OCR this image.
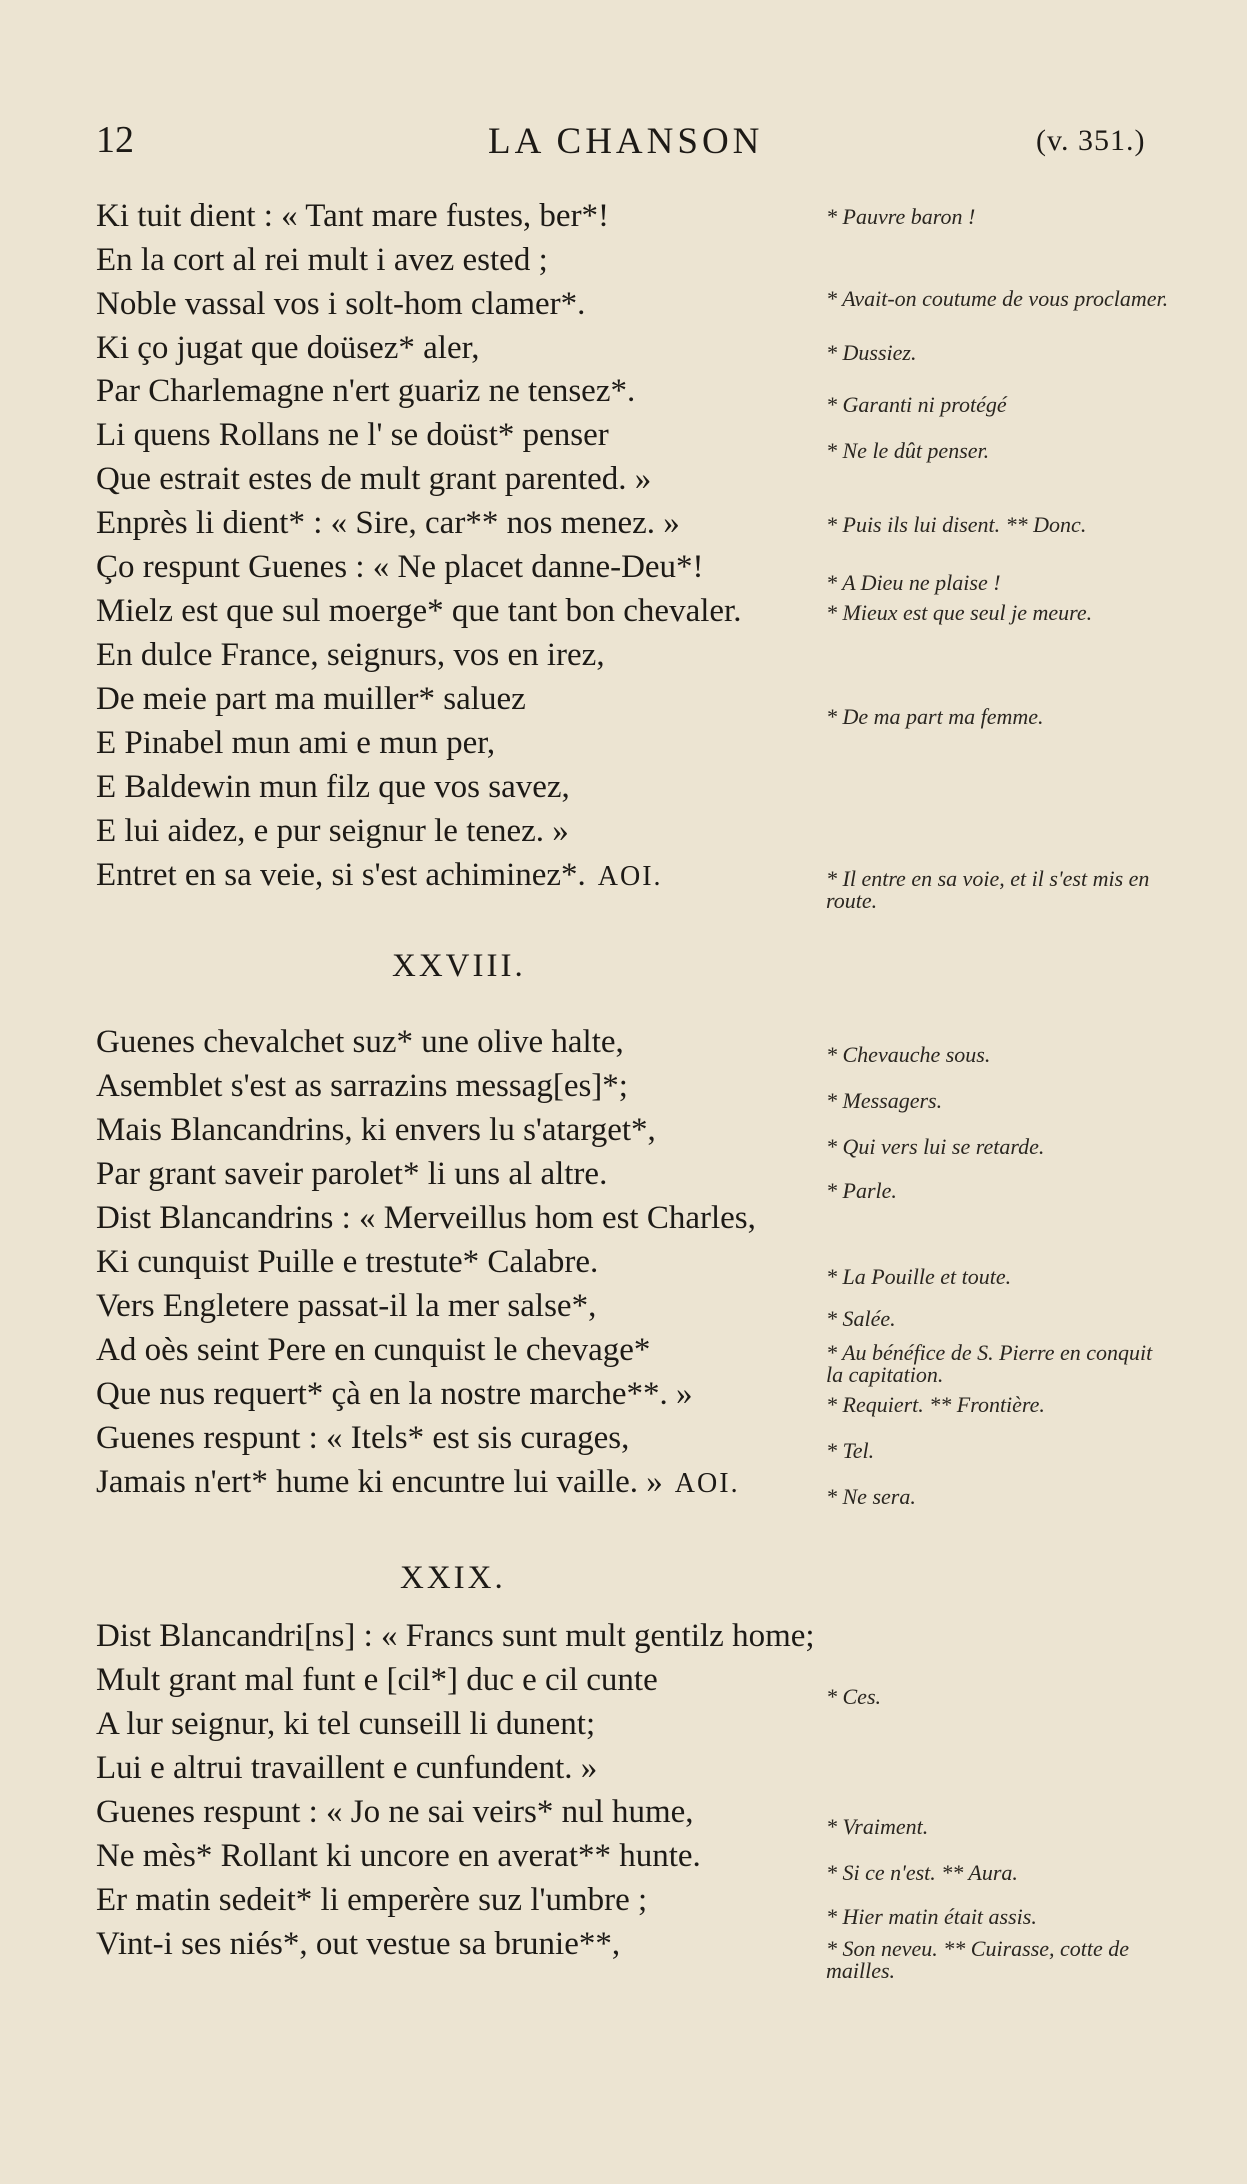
12	LA CHANSON	(v. 351.)
Ki tuit dient : « Tant mare fustes, ber*!
En la cort al rei mult i avez ested ;
Noble vassal vos i solt-hom clamer*.
Ki ço jugat que doüsez* aler,
Par Charlemagne n'ert guariz ne tensez*.
Li quens Rollans ne l' se doüst* penser
Que estrait estes de mult grant parented. »
Enprès li dient* : « Sire, car** nos menez. »
Ço respunt Guenes : « Ne placet danne-Deu*!
Mielz est que sul moerge* que tant bon chevaler.
En dulce France, seignurs, vos en irez,
De meie part ma muiller* saluez
E Pinabel mun ami e mun per,
E Baldewin mun filz que vos savez,
E lui aidez, e pur seignur le tenez. »
Entret en sa veie, si s'est achiminez*. AOI.
* Pauvre baron !
* Avait-on coutume de vous proclamer.
* Dussiez.
* Garanti ni protégé
* Ne le dût penser.
* Puis ils lui disent. ** Donc.
* A Dieu ne plaise !
* Mieux est que seul je meure.
* De ma part ma femme.
* Il entre en sa voie, et il s'est mis en route.
XXVIII.
Guenes chevalchet suz* une olive halte,
Asemblet s'est as sarrazins messag[es]*;
Mais Blancandrins, ki envers lu s'atarget*,
Par grant saveir parolet* li uns al altre.
Dist Blancandrins : « Merveillus hom est Charles,
Ki cunquist Puille e trestute* Calabre.
Vers Engletere passat-il la mer salse*,
Ad oès seint Pere en cunquist le chevage*
Que nus requert* çà en la nostre marche**. »
Guenes respunt : « Itels* est sis curages,
Jamais n'ert* hume ki encuntre lui vaille. » AOI.
* Chevauche sous.
* Messagers.
* Qui vers lui se retarde.
* Parle.
* La Pouille et toute.
* Salée.
* Au bénéfice de S. Pierre en conquit la capitation.
* Requiert. ** Frontière.
* Tel.
* Ne sera.
XXIX.
Dist Blancandri[ns] : « Francs sunt mult gentilz home;
Mult grant mal funt e [cil*] duc e cil cunte
A lur seignur, ki tel cunseill li dunent;
Lui e altrui travaillent e cunfundent. »
Guenes respunt : « Jo ne sai veirs* nul hume,
Ne mès* Rollant ki uncore en averat** hunte.
Er matin sedeit* li emperère suz l'umbre ;
Vint-i ses niés*, out vestue sa brunie**,
* Ces.
* Vraiment.
* Si ce n'est. ** Aura.
* Hier matin était assis.
* Son neveu. ** Cuirasse, cotte de mailles.
